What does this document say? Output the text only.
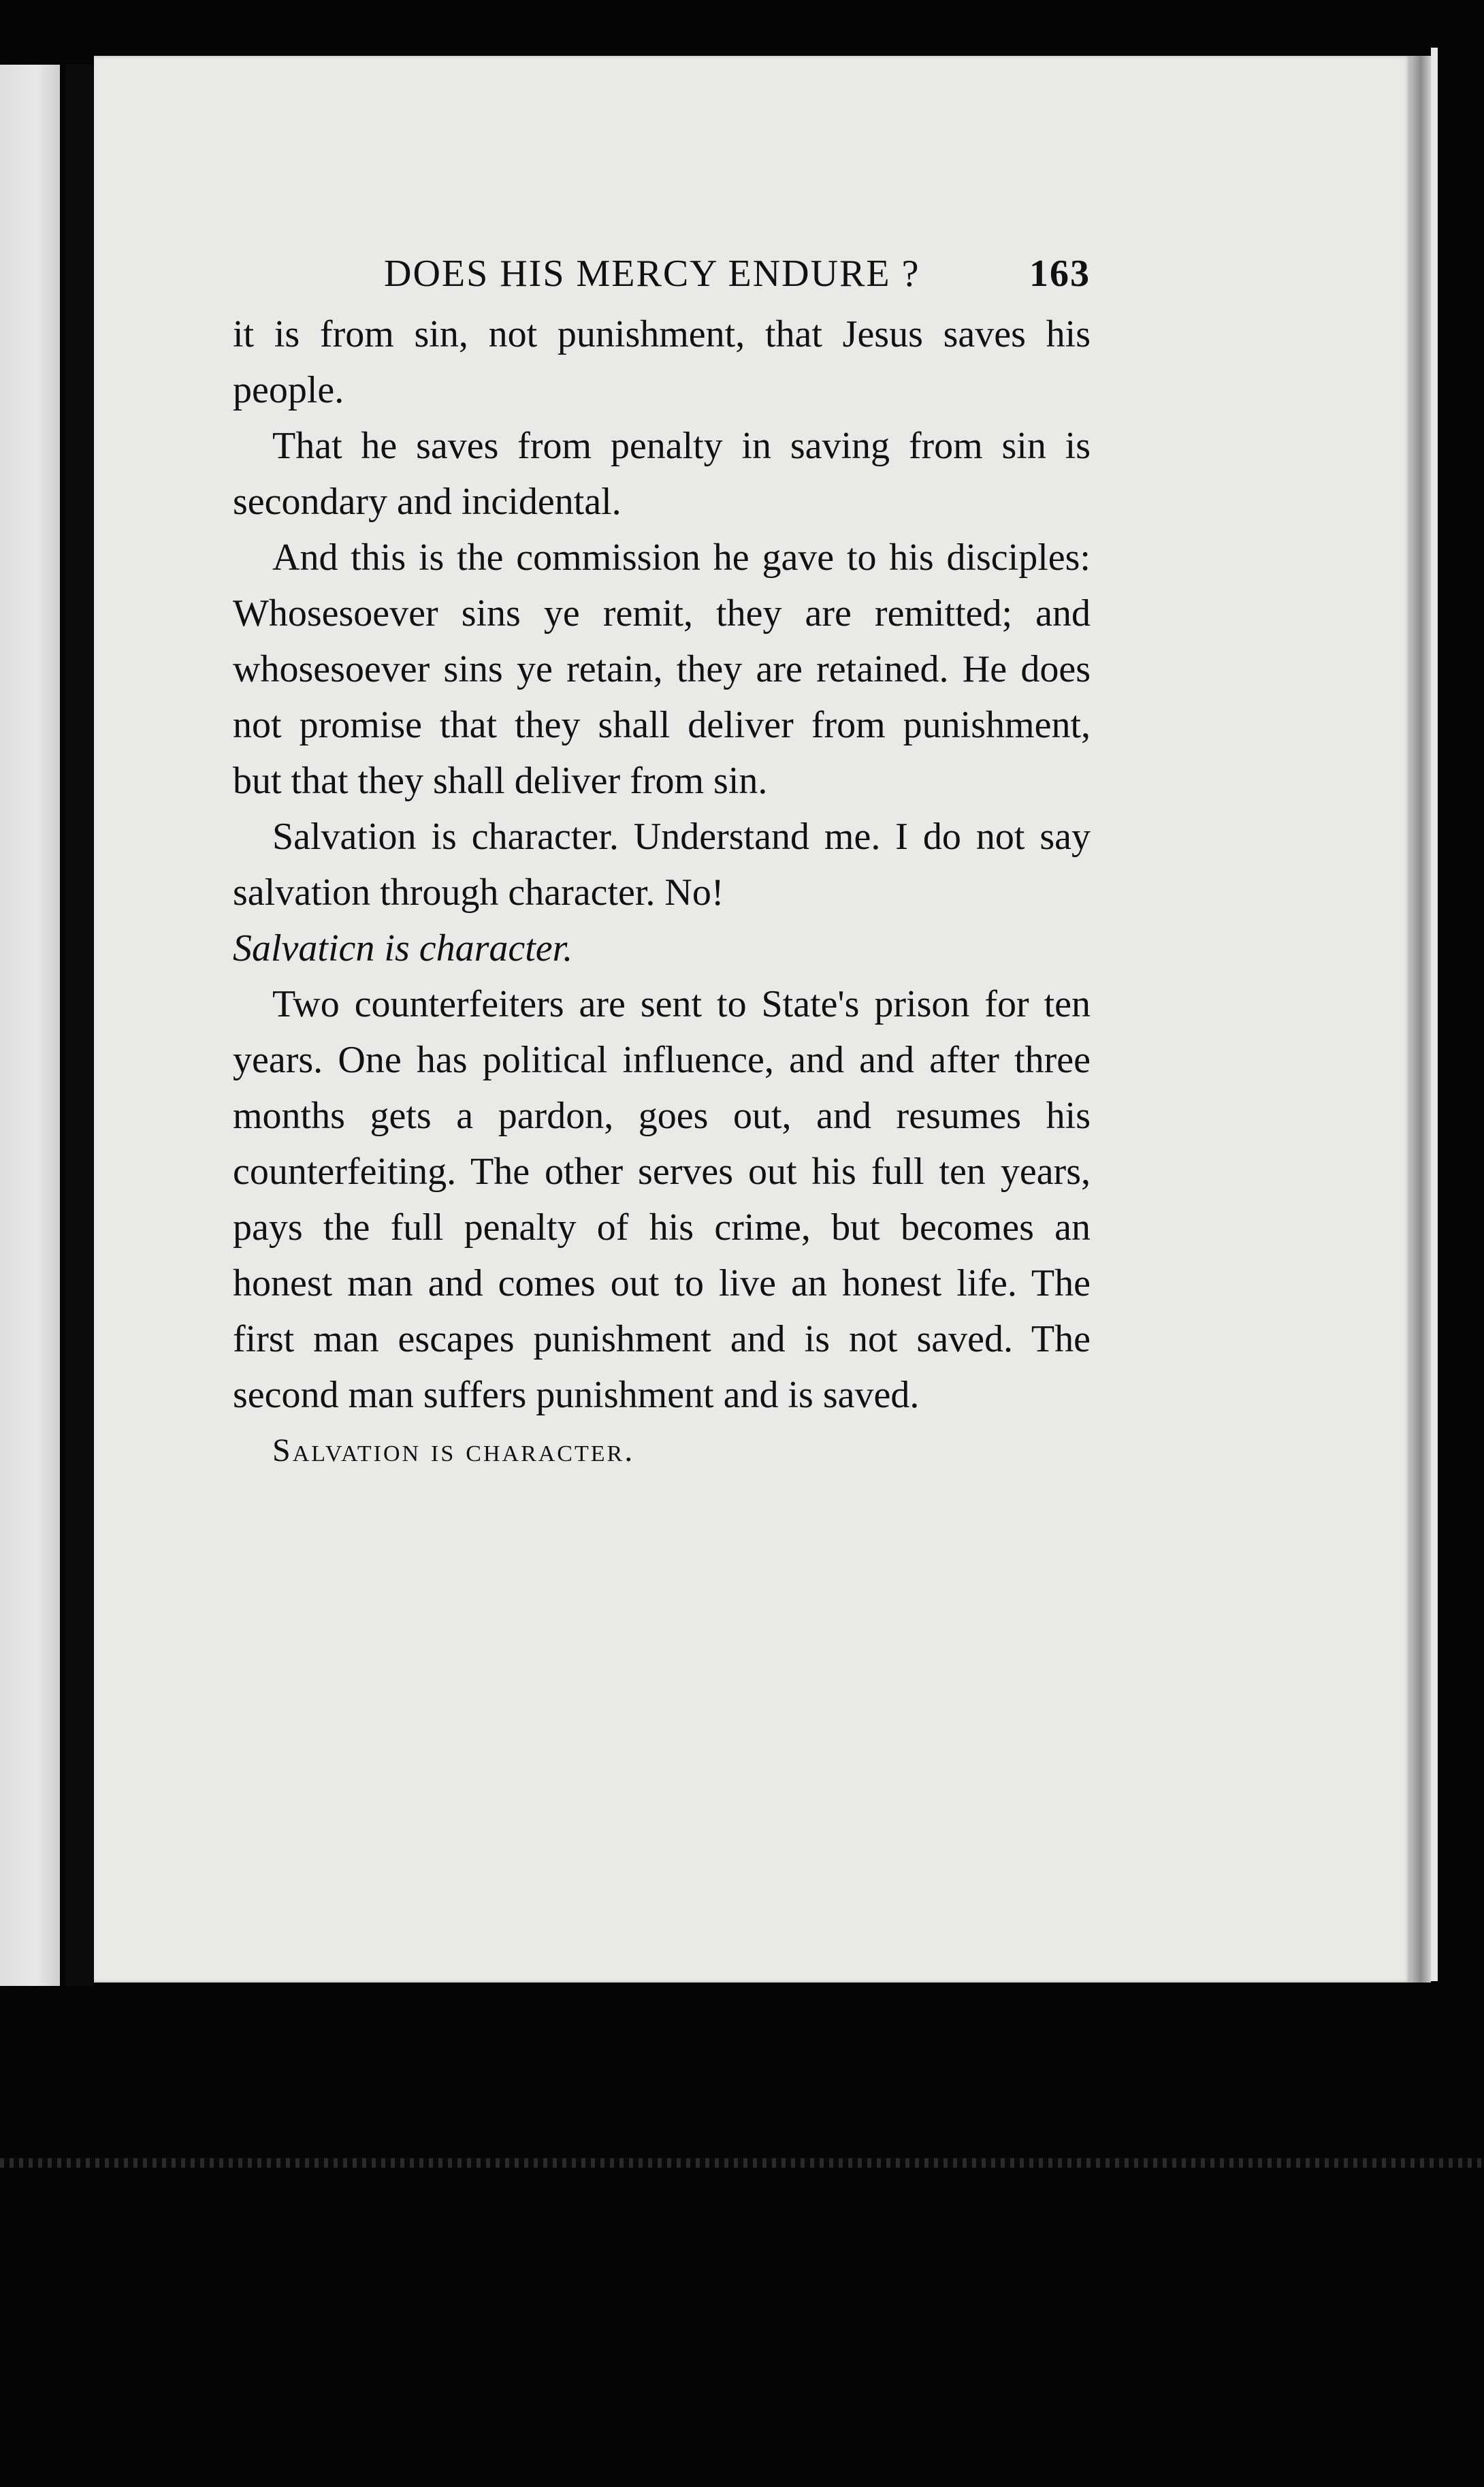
DOES HIS MERCY ENDURE ?	163

it is from sin, not punishment, that Jesus saves his people.

That he saves from penalty in saving from sin is secondary and incidental.

And this is the commission he gave to his disciples: Whosesoever sins ye remit, they are remitted; and whosesoever sins ye retain, they are retained. He does not promise that they shall deliver from punishment, but that they shall deliver from sin.

Salvation is character. Understand me. I do not say salvation through character. No!

Salvaticn is character.

Two counterfeiters are sent to State's prison for ten years. One has political influence, and and after three months gets a pardon, goes out, and resumes his counterfeiting. The other serves out his full ten years, pays the full penalty of his crime, but becomes an honest man and comes out to live an honest life. The first man escapes punishment and is not saved. The second man suffers punishment and is saved.

Salvation is character.
